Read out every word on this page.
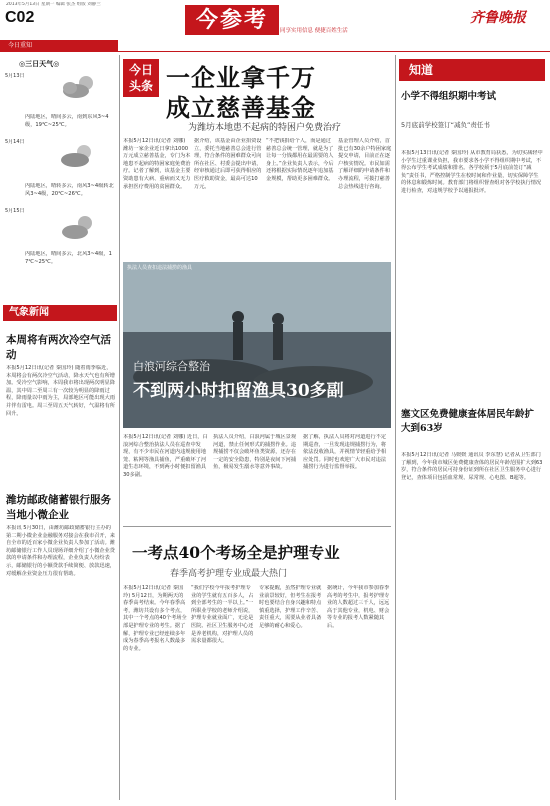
2013年5月13日 星期一 编辑 张杰 组版 刘静兰
C02
今日重知
今参考	同享实用信息 便捷百姓生活
齐鲁晚报
◎三日天气◎
5月13日
内陆地区，晴间多云，南到东风3~4级，19℃~25℃。
5月14日
内陆地区，晴转多云，南风3~4级转北风3~4级，20℃~26℃。
5月15日
内陆地区，晴间多云，北风3~4级，17℃~25℃。
气象新闻
本周将有两次冷空气活动
本报5月12日讯(记者 秦国玲) 随着雨季临近，本周将会有两次冷空气活动，降水天气也有所增加。受冷空气影响，本周我市将出现两次明显降温，其中周二至周三有一次较为明显的降雨过程，降雨量以中雨为主，局部地区可能出现大雨并伴有雷电。周三至周五天气转好，气温将有所回升。
潍坊邮政储蓄银行服务当地小微企业
本报讯 5月30日，由潍坊邮政储蓄银行主办的第二期小微企业金融服务对接会在我市召开，来自全市的近百家小微企业负责人参加了活动。潍坊邮储银行工作人员现场详细介绍了小微企业贷款的申请条件和办理流程，企业负责人纷纷表示，邮储银行的小额贷款手续简便、放款迅速，对缓解企业资金压力很有帮助。
今日
头条 一企业拿千万
成立慈善基金
为潍坊本地患不起病的特困户免费治疗
本报5月12日讯(记者 刘娜) 潍坊一家企业近日拿出1000万元成立慈善基金，专门为本地患不起病的特困家庭免费治疗。记者了解到，该基金主要资助患有大病、重病而又无力承担医疗费用的贫困群众。
据介绍，该基金由企业捐资设立，委托当地慈善总会进行管理，符合条件的困难群众可向所在社区、村委会提出申请，经审核通过后即可获得相应的医疗救助资金，最高可达10万元。
“不把钱捐给个人，而是通过慈善总会统一管理，就是为了让每一分钱都用在最需要的人身上。”企业负责人表示，今后还将根据实际情况逐年追加基金规模，帮助更多困难群众。
基金管理人员介绍，首批已有30余户特困家庭提交申请，目前正在逐户核实情况。市民如需了解详细的申请条件和办理流程，可拨打慈善总会热线进行咨询。
执法人员查扣违法捕捞的渔具
白浪河综合整治
不到两小时扣留渔具30多副
本报5月12日讯(记者 刘娜) 近日，白浪河综合整治执法人员在巡查中发现，有不少市民在河道内违规使用地笼、粘网等渔具捕鱼，严重破坏了河道生态环境，不到两小时便扣留渔具30多副。
执法人员介绍，白浪河属于城区景观河道，禁止任何形式的捕捞作业。违规捕捞不仅会破坏鱼类资源，还存在一定的安全隐患，特别是夜间下河捕鱼，极易发生溺水等意外事故。
据了解，执法人员将对河道进行不定期巡查，一旦发现违规捕捞行为，将依法没收渔具，并视情节轻重给予相应处罚。同时也欢迎广大市民对违法捕捞行为进行监督举报。
一考点40个考场全是护理专业
春季高考护理专业成最大热门
本报5月12日讯(记者 秦国玲) 5月12日，为期两天的春季高考结束。今年春季高考，潍坊共设有多个考点，其中一个考点的40个考场全部是护理专业的考生。据了解，护理专业已经连续多年成为春季高考报名人数最多的专业。
“我们学校今年报考护理专业的学生就有五百多人，占到全部考生的一半以上。”一所职业学校的老师介绍说，护理专业就业面广，无论是医院、社区卫生服务中心还是养老机构，对护理人员的需求量都很大。
专家提醒，虽然护理专业就业前景较好，但考生在报考时也要结合自身兴趣和特点慎重选择，护理工作辛苦、责任重大，需要从业者具备足够的耐心和爱心。
据统计，今年我市参加春季高考的考生中，报考护理专业的人数超过三千人，远远高于其他专业，机电、财会等专业的报考人数紧随其后。
知道
小学不得组织期中考试
5月底前学校签订“减负”责任书
本报5月13日讯(记者 秦国玲) 从市教育局获悉，为切实减轻中小学生过重课业负担，我市要求各小学不得组织期中考试，不得公布学生考试成绩和排名。各学校须于5月底前签订“减负”责任书，严格控制学生在校时间和作业量，切实保障学生的休息和锻炼时间。教育部门将组织督查组对各学校执行情况进行检查，对违规学校予以通报批评。
塞文区免费健康查体居民年龄扩大到63岁
本报5月12日讯(记者 马媛媛 通讯员 李东慧) 记者从卫生部门了解到，今年我市城区免费健康查体的居民年龄范围扩大到63岁，符合条件的居民可持身份证到所在社区卫生服务中心进行登记，查体项目包括血常规、尿常规、心电图、B超等。
